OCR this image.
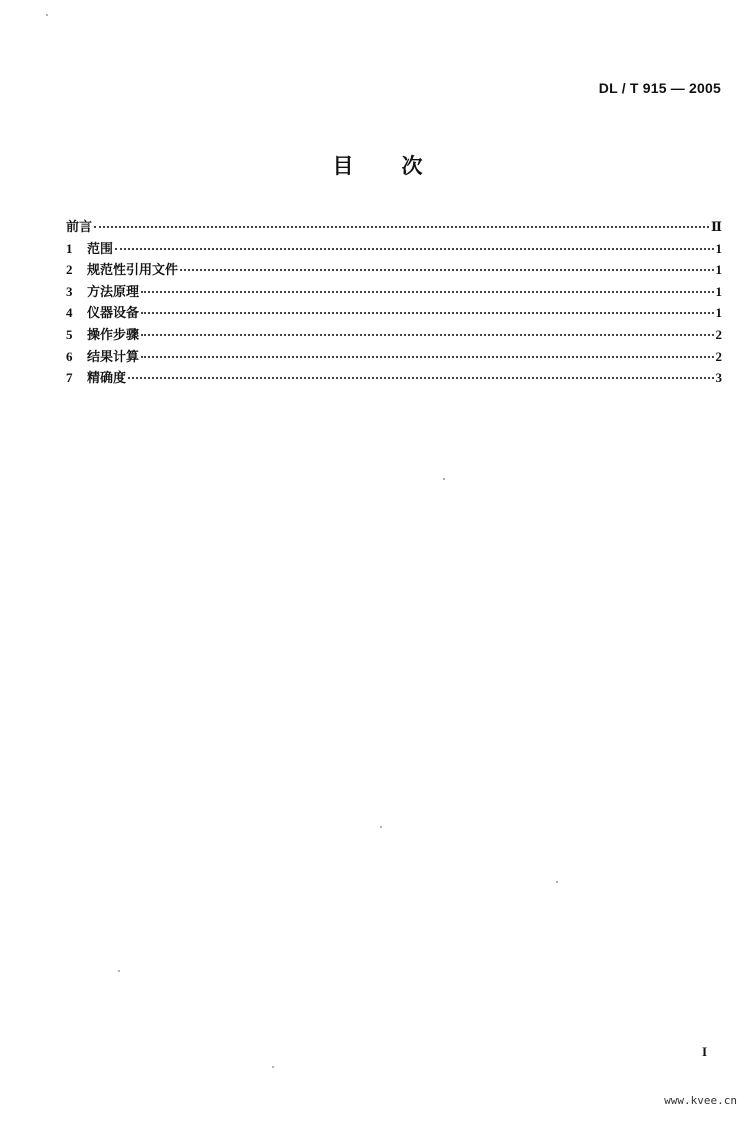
DL / T 915 — 2005
目 次
前言	Ⅱ
1	范围	1
2	规范性引用文件	1
3	方法原理	1
4	仪器设备	1
5	操作步骤	2
6	结果计算	2
7	精确度	3
I
www.kvee.cn
